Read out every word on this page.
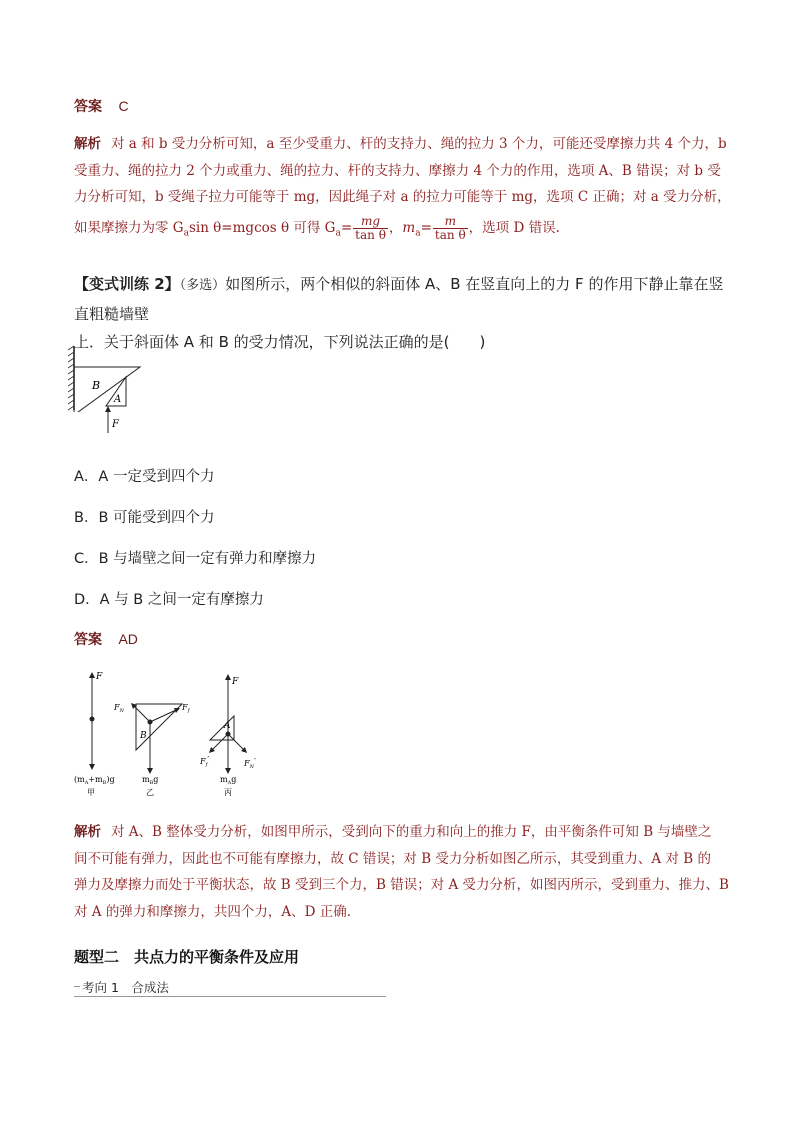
答案 C

解析 对 a 和 b 受力分析可知，a 至少受重力、杆的支持力、绳的拉力 3 个力，可能还受摩擦力共 4 个力，b

受重力、绳的拉力 2 个力或重力、绳的拉力、杆的支持力、摩擦力 4 个力的作用，选项 A、B 错误；对 b 受

力分析可知，b 受绳子拉力可能等于 mg，因此绳子对 a 的拉力可能等于 mg，选项 C 正确；对 a 受力分析，

如果摩擦力为零 $G_a\sin$ θ=mgcos θ 可得 $G_a= \frac{mg}{\text{tan θ}}$ ，$m_a= \frac{m}{\text{tan θ}}$ ，选项 D 错误.

【变式训练 2】（多选）如图所示，两个相似的斜面体 A、B 在竖直向上的力 F 的作用下静止靠在竖直粗糙墙壁

上．关于斜面体 A 和 B 的受力情况，下列说法正确的是(　　)

B
A
F
A．A 一定受到四个力
B．B 可能受到四个力
C．B 与墙壁之间一定有弹力和摩擦力
D．A 与 B 之间一定有摩擦力
答案 AD
F
$(m_A+m_B)g$
甲
$F_N$	$F_f$
B
$m_Bg$
乙
F
A
$F_f'$	$F_N'$
$m_Ag$
丙

解析 对 A、B 整体受力分析，如图甲所示，受到向下的重力和向上的推力 F，由平衡条件可知 B 与墙壁之

间不可能有弹力，因此也不可能有摩擦力，故 C 错误；对 B 受力分析如图乙所示，其受到重力、A 对 B 的

弹力及摩擦力而处于平衡状态，故 B 受到三个力，B 错误；对 A 受力分析，如图丙所示，受到重力、推力、B

对 A 的弹力和摩擦力，共四个力，A、D 正确.

题型二　共点力的平衡条件及应用
考向 1　合成法
